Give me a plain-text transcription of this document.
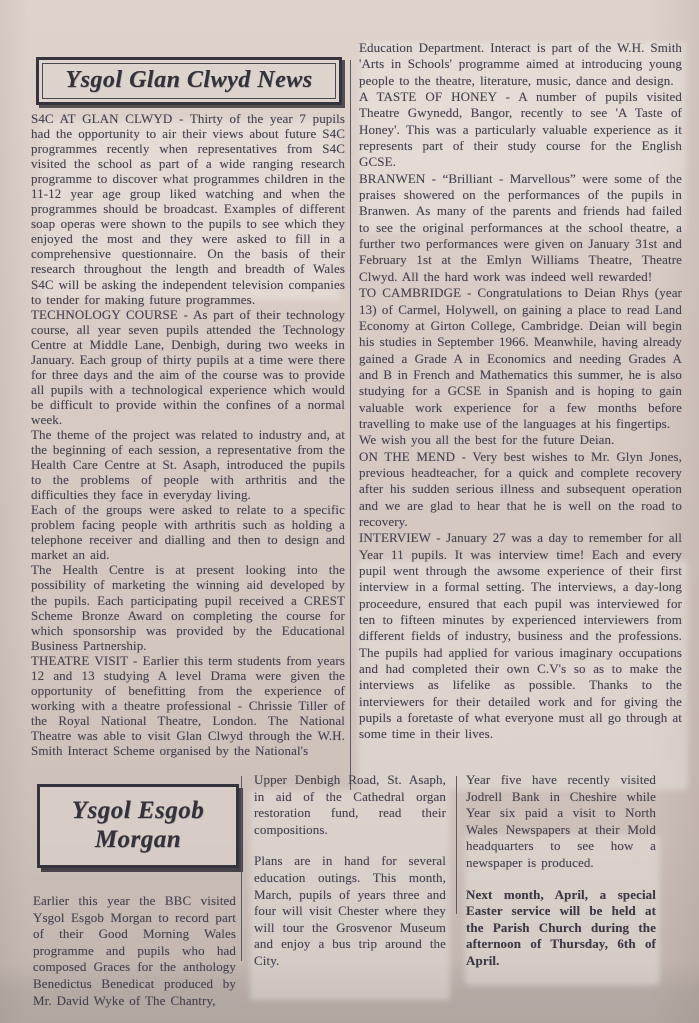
Ysgol Glan Clwyd News

S4C AT GLAN CLWYD - Thirty of the year 7 pupils had the opportunity to air their views about future S4C programmes recently when representatives from S4C visited the school as part of a wide ranging research programme to discover what programmes children in the 11-12 year age group liked watching and when the programmes should be broadcast. Examples of different soap operas were shown to the pupils to see which they enjoyed the most and they were asked to fill in a comprehensive questionnaire. On the basis of their research throughout the length and breadth of Wales S4C will be asking the independent television companies to tender for making future programmes.

TECHNOLOGY COURSE - As part of their technology course, all year seven pupils attended the Technology Centre at Middle Lane, Denbigh, during two weeks in January. Each group of thirty pupils at a time were there for three days and the aim of the course was to provide all pupils with a technological experience which would be difficult to provide within the confines of a normal week.

The theme of the project was related to industry and, at the beginning of each session, a representative from the Health Care Centre at St. Asaph, introduced the pupils to the problems of people with arthritis and the difficulties they face in everyday living.

Each of the groups were asked to relate to a specific problem facing people with arthritis such as holding a telephone receiver and dialling and then to design and market an aid.

The Health Centre is at present looking into the possibility of marketing the winning aid developed by the pupils. Each participating pupil received a CREST Scheme Bronze Award on completing the course for which sponsorship was provided by the Educational Business Partnership.

THEATRE VISIT - Earlier this term students from years 12 and 13 studying A level Drama were given the opportunity of benefitting from the experience of working with a theatre professional - Chrissie Tiller of the Royal National Theatre, London. The National Theatre was able to visit Glan Clwyd through the W.H. Smith Interact Scheme organised by the National's

Education Department. Interact is part of the W.H. Smith 'Arts in Schools' programme aimed at introducing young people to the theatre, literature, music, dance and design.

A TASTE OF HONEY - A number of pupils visited Theatre Gwynedd, Bangor, recently to see 'A Taste of Honey'. This was a particularly valuable experience as it represents part of their study course for the English GCSE.

BRANWEN - “Brilliant - Marvellous” were some of the praises showered on the performances of the pupils in Branwen. As many of the parents and friends had failed to see the original performances at the school theatre, a further two performances were given on January 31st and February 1st at the Emlyn Williams Theatre, Theatre Clwyd. All the hard work was indeed well rewarded!

TO CAMBRIDGE - Congratulations to Deian Rhys (year 13) of Carmel, Holywell, on gaining a place to read Land Economy at Girton College, Cambridge. Deian will begin his studies in September 1966. Meanwhile, having already gained a Grade A in Economics and needing Grades A and B in French and Mathematics this summer, he is also studying for a GCSE in Spanish and is hoping to gain valuable work experience for a few months before travelling to make use of the languages at his fingertips.

We wish you all the best for the future Deian.

ON THE MEND - Very best wishes to Mr. Glyn Jones, previous headteacher, for a quick and complete recovery after his sudden serious illness and subsequent operation and we are glad to hear that he is well on the road to recovery.

INTERVIEW - January 27 was a day to remember for all Year 11 pupils. It was interview time! Each and every pupil went through the awsome experience of their first interview in a formal setting. The interviews, a day-long proceedure, ensured that each pupil was interviewed for ten to fifteen minutes by experienced interviewers from different fields of industry, business and the professions. The pupils had applied for various imaginary occupations and had completed their own C.V's so as to make the interviews as lifelike as possible. Thanks to the interviewers for their detailed work and for giving the pupils a foretaste of what everyone must all go through at some time in their lives.

Ysgol Esgob
Morgan

Earlier this year the BBC visited Ysgol Esgob Morgan to record part of their Good Morning Wales programme and pupils who had composed Graces for the anthology Benedictus Benedicat produced by Mr. David Wyke of The Chantry,

Upper Denbigh Road, St. Asaph, in aid of the Cathedral organ restoration fund, read their compositions.

Plans are in hand for several education outings. This month, March, pupils of years three and four will visit Chester where they will tour the Grosvenor Museum and enjoy a bus trip around the City.

Year five have recently visited Jodrell Bank in Cheshire while Year six paid a visit to North Wales Newspapers at their Mold headquarters to see how a newspaper is produced.

Next month, April, a special Easter service will be held at the Parish Church during the afternoon of Thursday, 6th of April.
